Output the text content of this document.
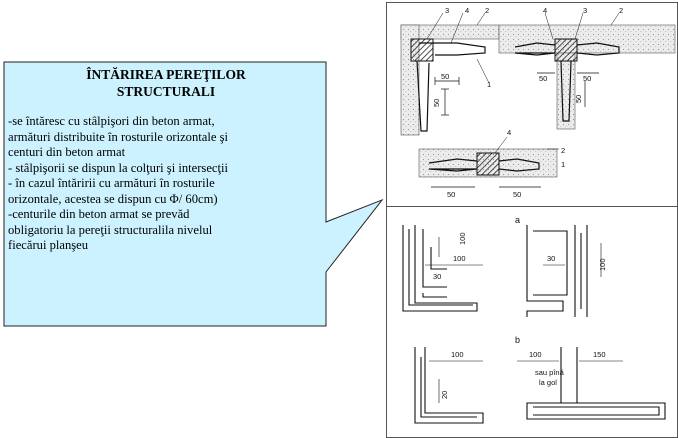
ÎNTĂRIREA PEREŢILOR
STRUCTURALI
-se întăresc cu stâlpişori din beton armat,
armături distribuite în rosturile orizontale şi
centuri din beton armat
- stâlpişorii se dispun la colţuri şi intersecţii
- în cazul întăririi cu armături în rosturile
orizontale, acestea se dispun cu Φ/ 60cm)
-centurile din beton armat se prevăd
obligatoriu la pereţii structuralila nivelul
fiecărui planşeu
3 4 2
1
50
50
4	3	2
50	50
50
4
2
1
50	50
a
b
100
30
100
30	100
100
20
100	150
sau pînă
la gol
